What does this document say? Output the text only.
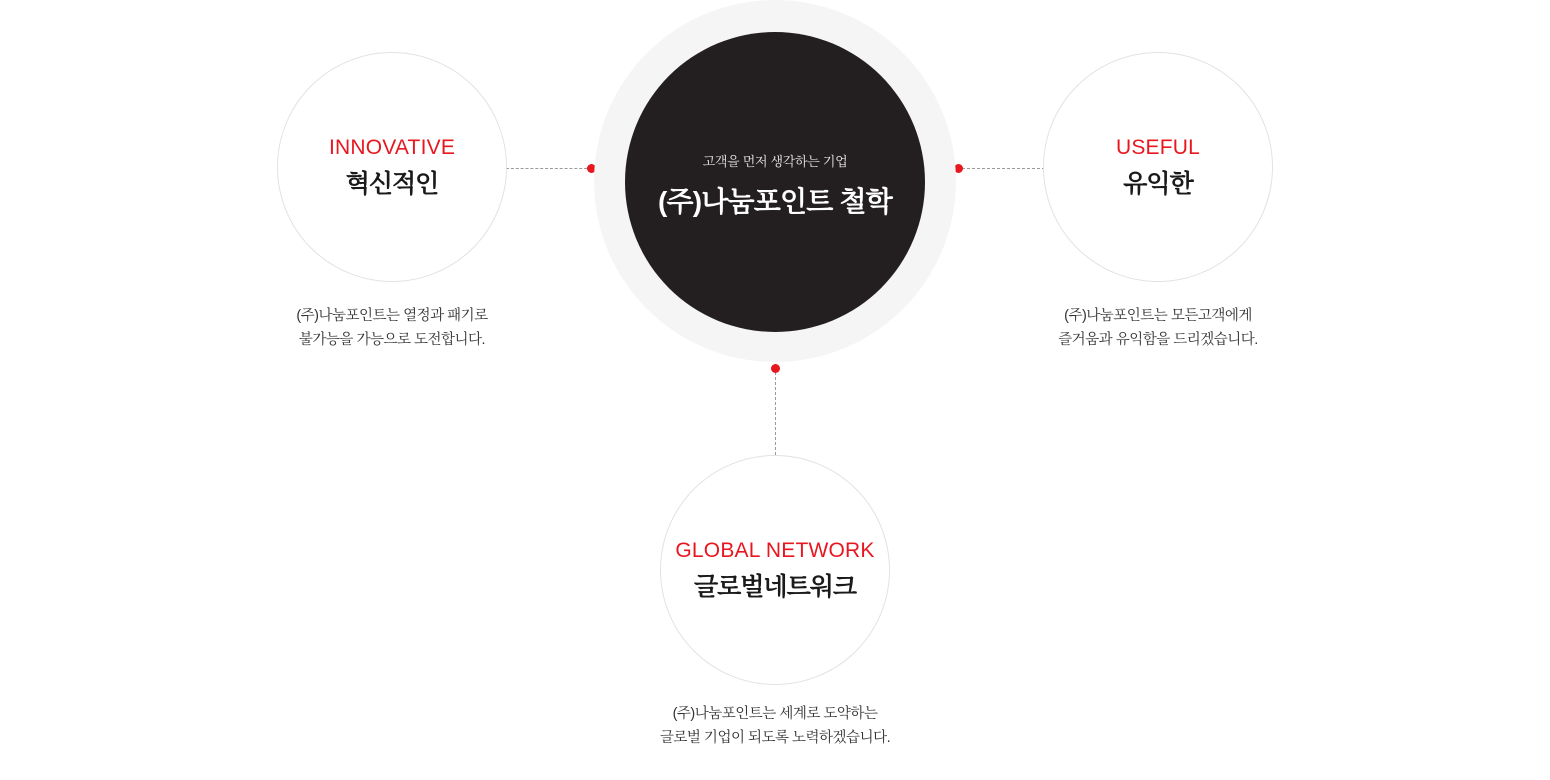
고객을 먼저 생각하는 기업
(주)나눔포인트 철학
INNOVATIVE
혁신적인
(주)나눔포인트는 열정과 패기로
불가능을 가능으로 도전합니다.
USEFUL
유익한
(주)나눔포인트는 모든고객에게
즐거움과 유익함을 드리겠습니다.
GLOBAL NETWORK
글로벌네트워크
(주)나눔포인트는 세계로 도약하는
글로벌 기업이 되도록 노력하겠습니다.
